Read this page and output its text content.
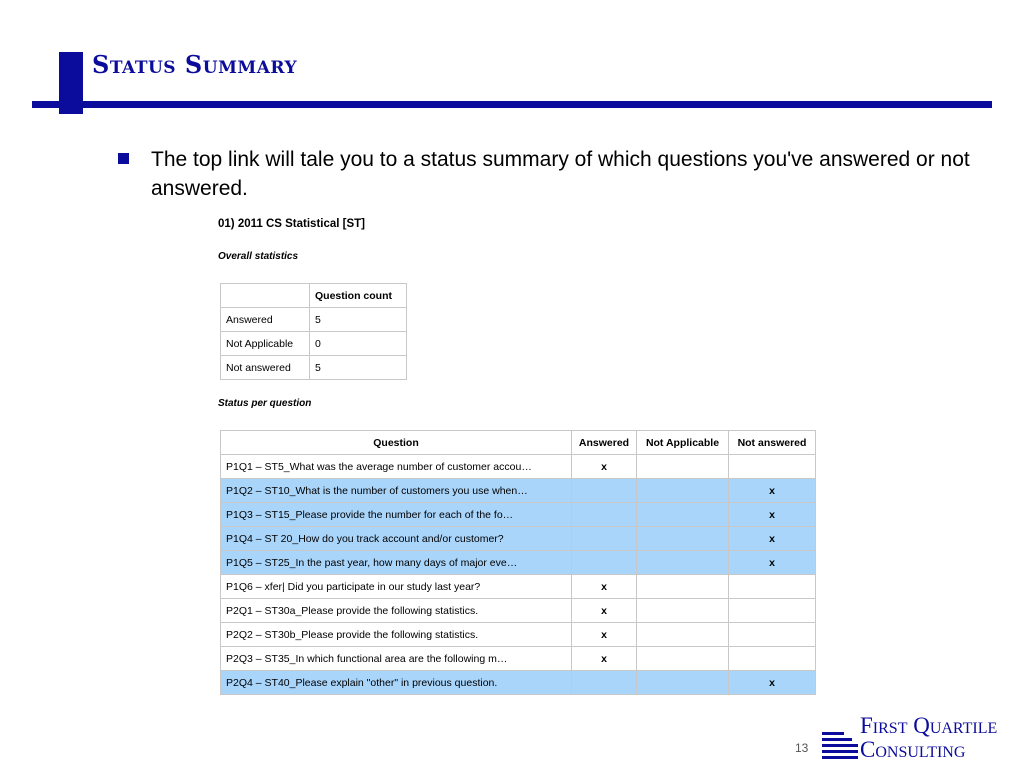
Status Summary
The top link will tale you to a status summary of which questions you've answered or not answered.
01) 2011 CS Statistical [ST]
Overall statistics
	Question count
Answered	5
Not Applicable	0
Not answered	5
Status per question
Question	Answered	Not Applicable	Not answered
P1Q1 – ST5_What was the average number of customer accou…	x		
P1Q2 – ST10_What is the number of customers you use when…			x
P1Q3 – ST15_Please provide the number for each of the fo…			x
P1Q4 – ST 20_How do you track account and/or customer?			x
P1Q5 – ST25_In the past year, how many days of major eve…			x
P1Q6 – xfer| Did you participate in our study last year?	x		
P2Q1 – ST30a_Please provide the following statistics.	x		
P2Q2 – ST30b_Please provide the following statistics.	x		
P2Q3 – ST35_In which functional area are the following m…	x		
P2Q4 – ST40_Please explain "other" in previous question.			x
13
First Quartile
Consulting
